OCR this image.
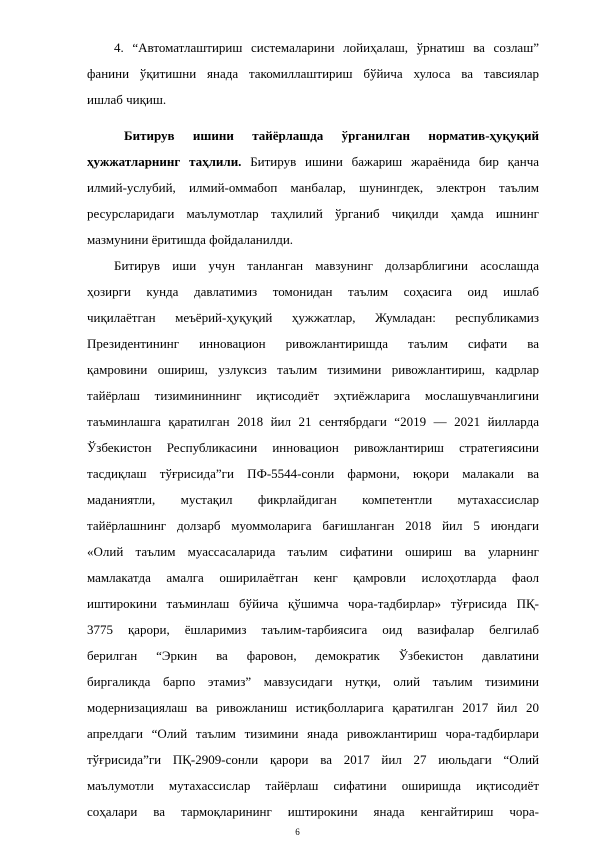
4. “Автоматлаштириш системаларини лойиҳалаш, ўрнатиш ва созлаш”
фанини ўқитишни янада такомиллаштириш бўйича хулоса ва тавсиялар
ишлаб чиқиш.
Битирув ишини тайёрлашда ўрганилган норматив-ҳуқуқий
ҳужжатларнинг таҳлили. Битирув ишини бажариш жараёнида бир қанча
илмий-услубий, илмий-оммабоп манбалар, шунингдек, электрон таълим
ресурсларидаги маълумотлар таҳлилий ўрганиб чиқилди ҳамда ишнинг
мазмунини ёритишда фойдаланилди.
Битирув иши учун танланган мавзунинг долзарблигини асослашда
ҳозирги кунда давлатимиз томонидан таълим соҳасига оид ишлаб
чиқилаётган меъёрий-ҳуқуқий ҳужжатлар, Жумладан: республикамиз
Президентининг инновацион ривожлантиришда таълим сифати ва
қамровини ошириш, узлуксиз таълим тизимини ривожлантириш, кадрлар
тайёрлаш тизимининнинг иқтисодиёт эҳтиёжларига мослашувчанлигини
таъминлашга қаратилган 2018 йил 21 сентябрдаги “2019 — 2021 йилларда
Ўзбекистон Республикасини инновацион ривожлантириш стратегиясини
тасдиқлаш тўғрисида”ги ПФ-5544-сонли фармони, юқори малакали ва
маданиятли, мустақил фикрлайдиган компетентли мутахассислар
тайёрлашнинг долзарб муоммоларига бағишланган 2018 йил 5 июндаги
«Олий таълим муассасаларида таълим сифатини ошириш ва уларнинг
мамлакатда амалга оширилаётган кенг қамровли ислоҳотларда фаол
иштирокини таъминлаш бўйича қўшимча чора-тадбирлар» тўғрисида ПҚ-
3775 қарори, ёшларимиз таълим-тарбиясига оид вазифалар белгилаб
берилган “Эркин ва фаровон, демократик Ўзбекистон давлатини
биргаликда барпо этамиз” мавзусидаги нутқи, олий таълим тизимини
модернизациялаш ва ривожланиш истиқболларига қаратилган 2017 йил 20
апрелдаги “Олий таълим тизимини янада ривожлантириш чора-тадбирлари
тўғрисида”ги ПҚ-2909-сонли қарори ва 2017 йил 27 июльдаги “Олий
маълумотли мутахассислар тайёрлаш сифатини оширишда иқтисодиёт
соҳалари ва тармоқларининг иштирокини янада кенгайтириш чора-
6
